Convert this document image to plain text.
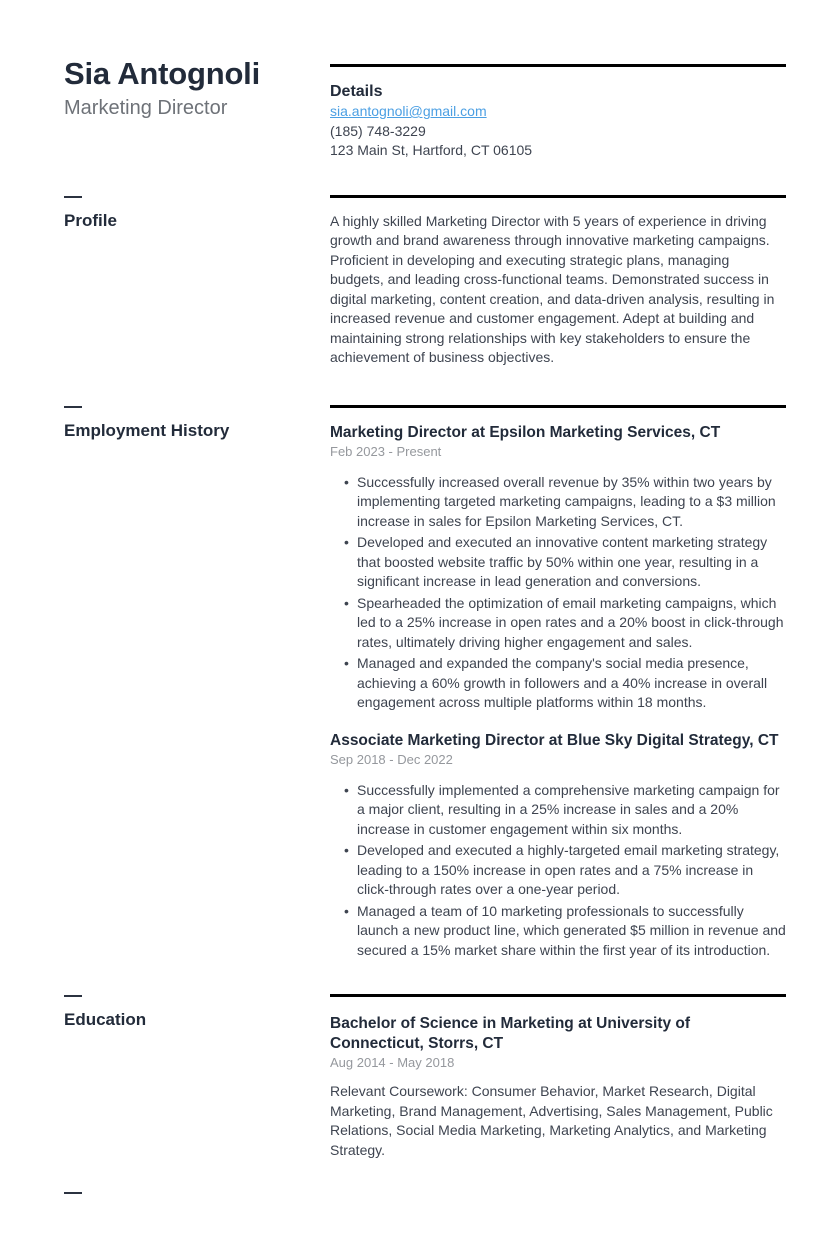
Sia Antognoli
Marketing Director
Details
sia.antognoli@gmail.com
(185) 748-3229
123 Main St, Hartford, CT 06105
Profile	A highly skilled Marketing Director with 5 years of experience in driving growth and brand awareness through innovative marketing campaigns. Proficient in developing and executing strategic plans, managing budgets, and leading cross-functional teams. Demonstrated success in digital marketing, content creation, and data-driven analysis, resulting in increased revenue and customer engagement. Adept at building and maintaining strong relationships with key stakeholders to ensure the achievement of business objectives.

Employment History	Marketing Director at Epsilon Marketing Services, CT
Feb 2023 - Present
• Successfully increased overall revenue by 35% within two years by implementing targeted marketing campaigns, leading to a $3 million increase in sales for Epsilon Marketing Services, CT.
• Developed and executed an innovative content marketing strategy that boosted website traffic by 50% within one year, resulting in a significant increase in lead generation and conversions.
• Spearheaded the optimization of email marketing campaigns, which led to a 25% increase in open rates and a 20% boost in click-through rates, ultimately driving higher engagement and sales.
• Managed and expanded the company's social media presence, achieving a 60% growth in followers and a 40% increase in overall engagement across multiple platforms within 18 months.
Associate Marketing Director at Blue Sky Digital Strategy, CT
Sep 2018 - Dec 2022
• Successfully implemented a comprehensive marketing campaign for a major client, resulting in a 25% increase in sales and a 20% increase in customer engagement within six months.
• Developed and executed a highly-targeted email marketing strategy, leading to a 150% increase in open rates and a 75% increase in click-through rates over a one-year period.
• Managed a team of 10 marketing professionals to successfully launch a new product line, which generated $5 million in revenue and secured a 15% market share within the first year of its introduction.
Education	Bachelor of Science in Marketing at University of Connecticut, Storrs, CT
Aug 2014 - May 2018

Relevant Coursework: Consumer Behavior, Market Research, Digital Marketing, Brand Management, Advertising, Sales Management, Public Relations, Social Media Marketing, Marketing Analytics, and Marketing Strategy.
